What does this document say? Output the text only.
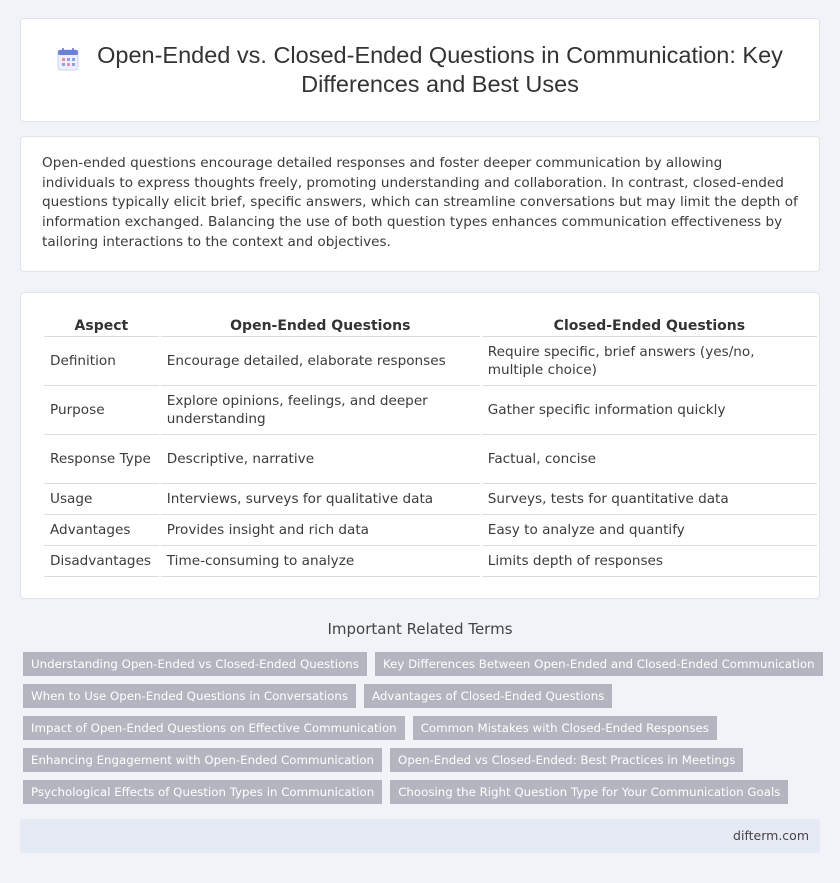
Open-Ended vs. Closed-Ended Questions in Communication: Key Differences and Best Uses

Open-ended questions encourage detailed responses and foster deeper communication by allowing individuals to express thoughts freely, promoting understanding and collaboration. In contrast, closed-ended questions typically elicit brief, specific answers, which can streamline conversations but may limit the depth of information exchanged. Balancing the use of both question types enhances communication effectiveness by tailoring interactions to the context and objectives.

Aspect	Open-Ended Questions	Closed-Ended Questions
Definition	Encourage detailed, elaborate responses	Require specific, brief answers (yes/no, multiple choice)
Purpose	Explore opinions, feelings, and deeper understanding	Gather specific information quickly
Response Type	Descriptive, narrative	Factual, concise
Usage	Interviews, surveys for qualitative data	Surveys, tests for quantitative data
Advantages	Provides insight and rich data	Easy to analyze and quantify
Disadvantages	Time-consuming to analyze	Limits depth of responses
Important Related Terms
Understanding Open-Ended vs Closed-Ended Questions	Key Differences Between Open-Ended and Closed-Ended Communication
When to Use Open-Ended Questions in Conversations	Advantages of Closed-Ended Questions
Impact of Open-Ended Questions on Effective Communication	Common Mistakes with Closed-Ended Responses
Enhancing Engagement with Open-Ended Communication	Open-Ended vs Closed-Ended: Best Practices in Meetings
Psychological Effects of Question Types in Communication	Choosing the Right Question Type for Your Communication Goals
difterm.com
